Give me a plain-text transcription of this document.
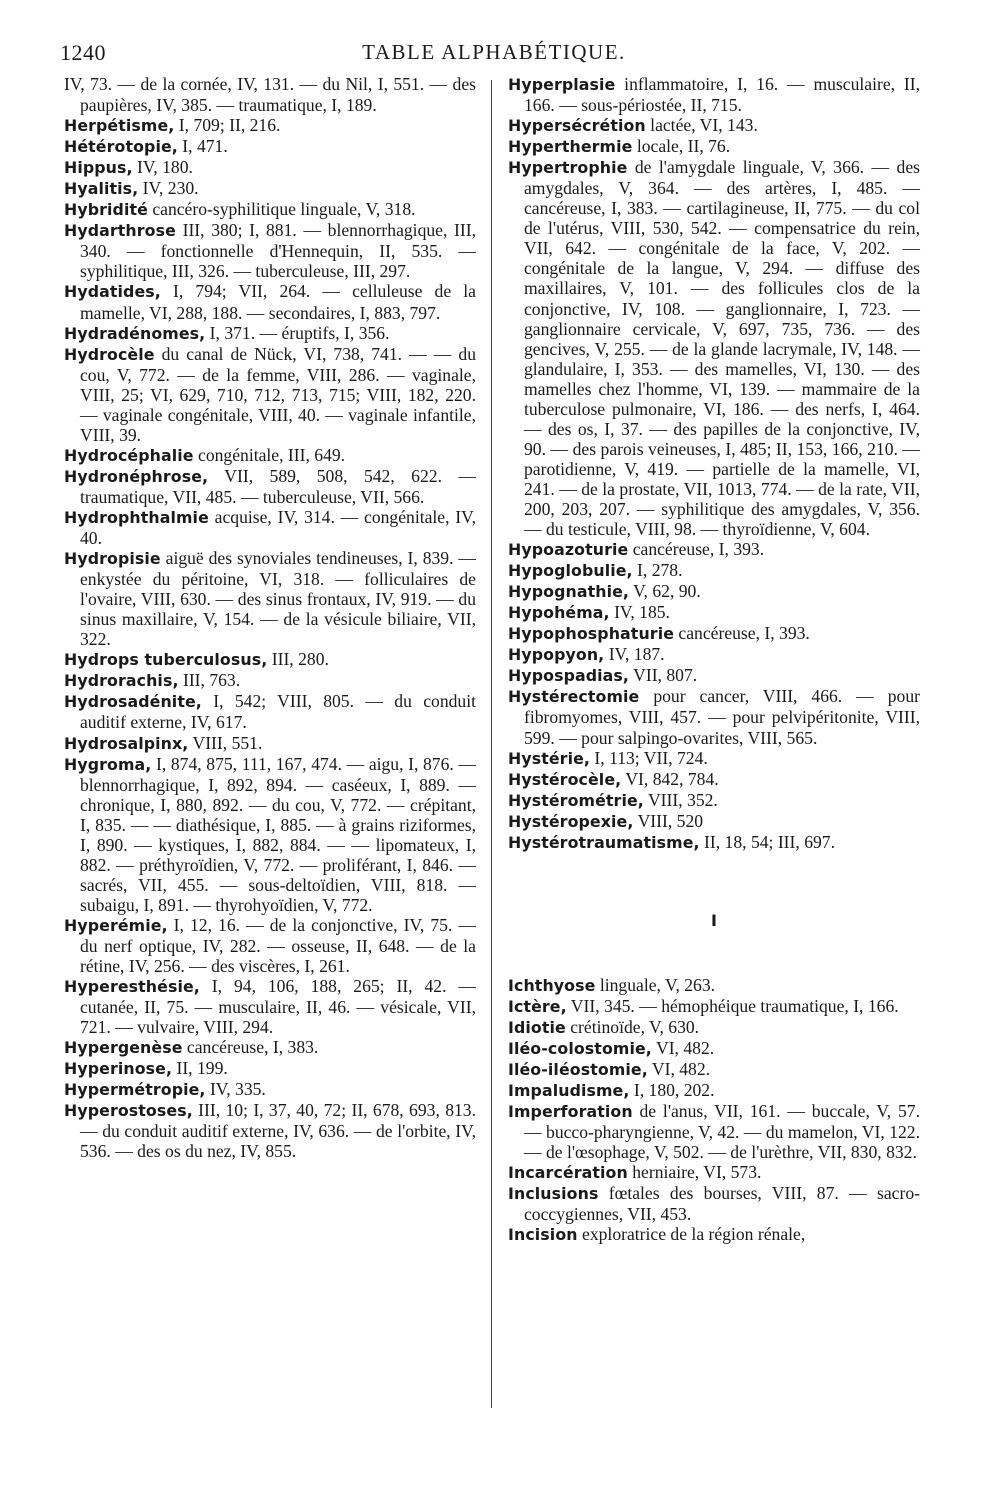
1240	TABLE ALPHABÉTIQUE.

IV, 73. — de la cornée, IV, 131. — du Nil, I, 551. — des paupières, IV, 385. — traumatique, I, 189.

Herpétisme, I, 709; II, 216.

Hétérotopie, I, 471.

Hippus, IV, 180.

Hyalitis, IV, 230.

Hybridité cancéro-syphilitique linguale, V, 318.

Hydarthrose III, 380; I, 881. — blennorrhagique, III, 340. — fonctionnelle d'Hennequin, II, 535. — syphilitique, III, 326. — tuberculeuse, III, 297.

Hydatides, I, 794; VII, 264. — celluleuse de la mamelle, VI, 288, 188. — secondaires, I, 883, 797.

Hydradénomes, I, 371. — éruptifs, I, 356.

Hydrocèle du canal de Nück, VI, 738, 741. — — du cou, V, 772. — de la femme, VIII, 286. — vaginale, VIII, 25; VI, 629, 710, 712, 713, 715; VIII, 182, 220. — vaginale congénitale, VIII, 40. — vaginale infantile, VIII, 39.

Hydrocéphalie congénitale, III, 649.

Hydronéphrose, VII, 589, 508, 542, 622. — traumatique, VII, 485. — tuberculeuse, VII, 566.

Hydrophthalmie acquise, IV, 314. — congénitale, IV, 40.

Hydropisie aiguë des synoviales tendineuses, I, 839. — enkystée du péritoine, VI, 318. — folliculaires de l'ovaire, VIII, 630. — des sinus frontaux, IV, 919. — du sinus maxillaire, V, 154. — de la vésicule biliaire, VII, 322.

Hydrops tuberculosus, III, 280.

Hydrorachis, III, 763.

Hydrosadénite, I, 542; VIII, 805. — du conduit auditif externe, IV, 617.

Hydrosalpinx, VIII, 551.

Hygroma, I, 874, 875, 111, 167, 474. — aigu, I, 876. — blennorrhagique, I, 892, 894. — caséeux, I, 889. — chronique, I, 880, 892. — du cou, V, 772. — crépitant, I, 835. — — diathésique, I, 885. — à grains riziformes, I, 890. — kystiques, I, 882, 884. — — lipomateux, I, 882. — préthyroïdien, V, 772. — proliférant, I, 846. — sacrés, VII, 455. — sous-deltoïdien, VIII, 818. — subaigu, I, 891. — thyrohyoïdien, V, 772.

Hyperémie, I, 12, 16. — de la conjonctive, IV, 75. — du nerf optique, IV, 282. — osseuse, II, 648. — de la rétine, IV, 256. — des viscères, I, 261.

Hyperesthésie, I, 94, 106, 188, 265; II, 42. — cutanée, II, 75. — musculaire, II, 46. — vésicale, VII, 721. — vulvaire, VIII, 294.

Hypergenèse cancéreuse, I, 383.

Hyperinose, II, 199.

Hypermétropie, IV, 335.

Hyperostoses, III, 10; I, 37, 40, 72; II, 678, 693, 813. — du conduit auditif externe, IV, 636. — de l'orbite, IV, 536. — des os du nez, IV, 855.

Hyperplasie inflammatoire, I, 16. — musculaire, II, 166. — sous-périostée, II, 715.

Hypersécrétion lactée, VI, 143.

Hyperthermie locale, II, 76.

Hypertrophie de l'amygdale linguale, V, 366. — des amygdales, V, 364. — des artères, I, 485. — cancéreuse, I, 383. — cartilagineuse, II, 775. — du col de l'utérus, VIII, 530, 542. — compensatrice du rein, VII, 642. — congénitale de la face, V, 202. — congénitale de la langue, V, 294. — diffuse des maxillaires, V, 101. — des follicules clos de la conjonctive, IV, 108. — ganglionnaire, I, 723. — ganglionnaire cervicale, V, 697, 735, 736. — des gencives, V, 255. — de la glande lacrymale, IV, 148. — glandulaire, I, 353. — des mamelles, VI, 130. — des mamelles chez l'homme, VI, 139. — mammaire de la tuberculose pulmonaire, VI, 186. — des nerfs, I, 464. — des os, I, 37. — des papilles de la conjonctive, IV, 90. — des parois veineuses, I, 485; II, 153, 166, 210. — parotidienne, V, 419. — partielle de la mamelle, VI, 241. — de la prostate, VII, 1013, 774. — de la rate, VII, 200, 203, 207. — syphilitique des amygdales, V, 356. — du testicule, VIII, 98. — thyroïdienne, V, 604.

Hypoazoturie cancéreuse, I, 393.

Hypoglobulie, I, 278.

Hypognathie, V, 62, 90.

Hypohéma, IV, 185.

Hypophosphaturie cancéreuse, I, 393.

Hypopyon, IV, 187.

Hypospadias, VII, 807.

Hystérectomie pour cancer, VIII, 466. — pour fibromyomes, VIII, 457. — pour pelvipéritonite, VIII, 599. — pour salpingo-ovarites, VIII, 565.

Hystérie, I, 113; VII, 724.

Hystérocèle, VI, 842, 784.

Hystérométrie, VIII, 352.

Hystéropexie, VIII, 520

Hystérotraumatisme, II, 18, 54; III, 697.

I

Ichthyose linguale, V, 263.

Ictère, VII, 345. — hémophéique traumatique, I, 166.

Idiotie crétinoïde, V, 630.

Iléo-colostomie, VI, 482.

Iléo-iléostomie, VI, 482.

Impaludisme, I, 180, 202.

Imperforation de l'anus, VII, 161. — buccale, V, 57. — bucco-pharyngienne, V, 42. — du mamelon, VI, 122. — de l'œsophage, V, 502. — de l'urèthre, VII, 830, 832.

Incarcération herniaire, VI, 573.

Inclusions fœtales des bourses, VIII, 87. — sacro-coccygiennes, VII, 453.

Incision exploratrice de la région rénale,
